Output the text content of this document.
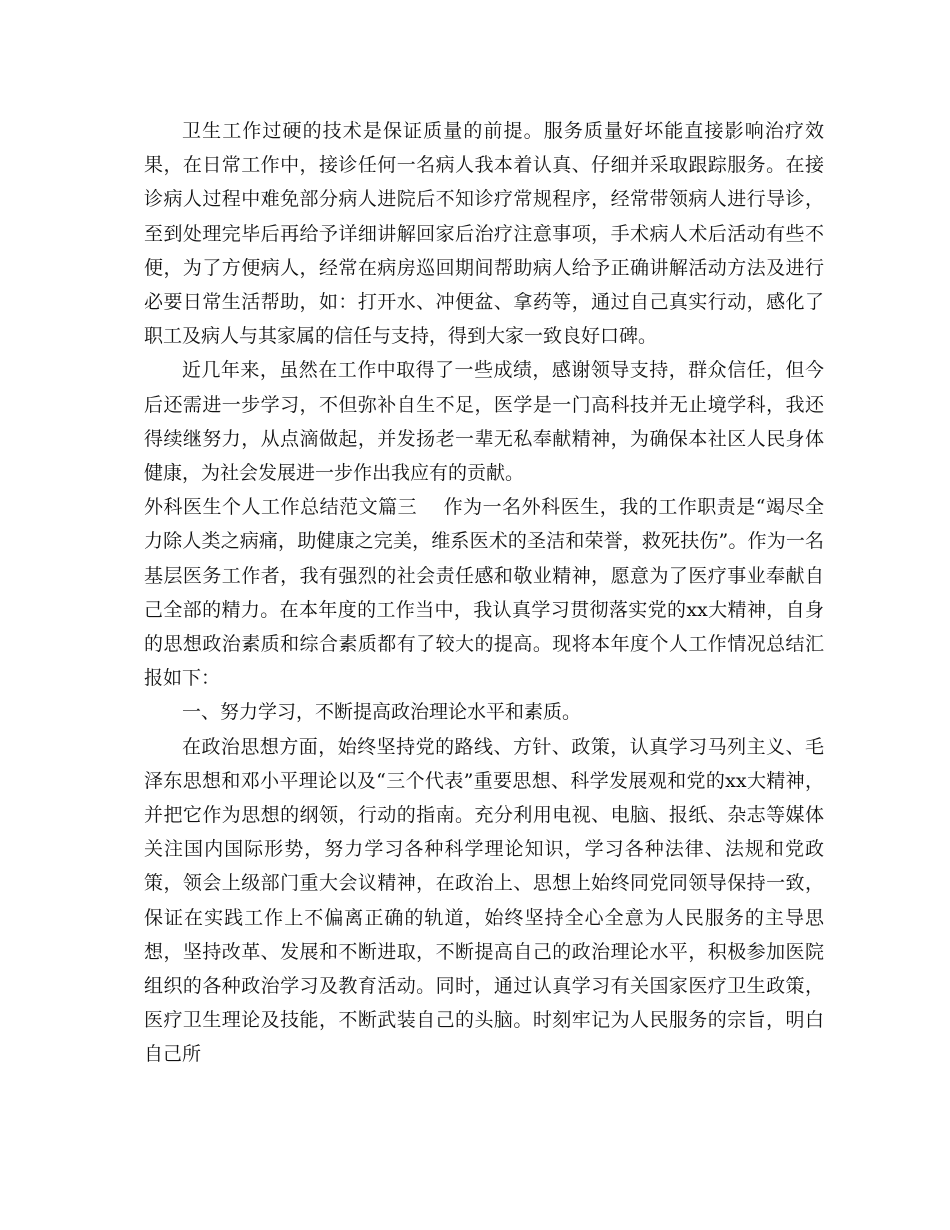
卫生工作过硬的技术是保证质量的前提。服务质量好坏能直接影响治疗效果，在日常工作中，接诊任何一名病人我本着认真、仔细并采取跟踪服务。在接诊病人过程中难免部分病人进院后不知诊疗常规程序，经常带领病人进行导诊，至到处理完毕后再给予详细讲解回家后治疗注意事项，手术病人术后活动有些不便，为了方便病人，经常在病房巡回期间帮助病人给予正确讲解活动方法及进行必要日常生活帮助，如：打开水、冲便盆、拿药等，通过自己真实行动，感化了职工及病人与其家属的信任与支持，得到大家一致良好口碑。

近几年来，虽然在工作中取得了一些成绩，感谢领导支持，群众信任，但今后还需进一步学习，不但弥补自生不足，医学是一门高科技并无止境学科，我还得续继努力，从点滴做起，并发扬老一辈无私奉献精神，为确保本社区人民身体健康，为社会发展进一步作出我应有的贡献。

外科医生个人工作总结范文篇三 作为一名外科医生，我的工作职责是“竭尽全力除人类之病痛，助健康之完美，维系医术的圣洁和荣誉，救死扶伤”。作为一名基层医务工作者，我有强烈的社会责任感和敬业精神，愿意为了医疗事业奉献自己全部的精力。在本年度的工作当中，我认真学习贯彻落实党的xx大精神，自身的思想政治素质和综合素质都有了较大的提高。现将本年度个人工作情况总结汇报如下：

一、努力学习，不断提高政治理论水平和素质。

在政治思想方面，始终坚持党的路线、方针、政策，认真学习马列主义、毛泽东思想和邓小平理论以及“三个代表”重要思想、科学发展观和党的xx大精神，并把它作为思想的纲领，行动的指南。充分利用电视、电脑、报纸、杂志等媒体关注国内国际形势，努力学习各种科学理论知识，学习各种法律、法规和党政策，领会上级部门重大会议精神，在政治上、思想上始终同党同领导保持一致，保证在实践工作上不偏离正确的轨道，始终坚持全心全意为人民服务的主导思想，坚持改革、发展和不断进取，不断提高自己的政治理论水平，积极参加医院组织的各种政治学习及教育活动。同时，通过认真学习有关国家医疗卫生政策，医疗卫生理论及技能，不断武装自己的头脑。时刻牢记为人民服务的宗旨，明白自己所
